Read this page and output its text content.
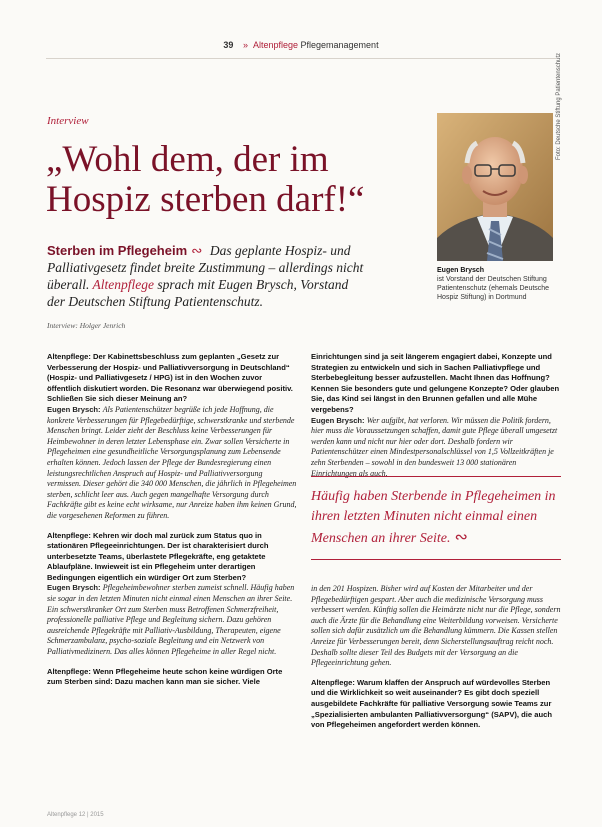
39 » Altenpflege Pflegemanagement
Interview
„Wohl dem, der im Hospiz sterben darf!“
Sterben im Pflegeheim ∾ Das geplante Hospiz- und Palliativgesetz findet breite Zustimmung – allerdings nicht überall. Altenpflege sprach mit Eugen Brysch, Vorstand der Deutschen Stiftung Patientenschutz.
Interview: Holger Jenrich
Foto: Deutsche Stiftung Patientenschutz
Eugen Brysch
ist Vorstand der Deutschen Stiftung Patientenschutz (ehemals Deutsche Hospiz Stiftung) in Dortmund

Altenpflege: Der Kabinettsbeschluss zum geplanten „Gesetz zur Verbesserung der Hospiz- und Palliativversorgung in Deutschland“ (Hospiz- und Palliativgesetz / HPG) ist in den Wochen zuvor öffentlich diskutiert worden. Die Resonanz war überwiegend positiv. Schließen Sie sich dieser Meinung an?

Eugen Brysch: Als Patientenschützer begrüße ich jede Hoffnung, die konkrete Verbesserungen für Pflegebedürftige, schwerstkranke und sterbende Menschen bringt. Leider zieht der Beschluss keine Verbesserungen für Heimbewohner in deren letzter Lebensphase ein. Zwar sollen Versicherte in Pflegeheimen eine gesundheitliche Versorgungsplanung zum Lebensende erhalten können. Jedoch lassen der Pflege der Bundesregierung einen leistungsrechtlichen Anspruch auf Hospiz- und Palliativversorgung vermissen. Dieser gehört die 340 000 Menschen, die jährlich in Pflegeheimen sterben, schlicht leer aus. Auch gegen mangelhafte Versorgung durch Fachkräfte gibt es keine echt wirksame, nur Anreize haben ihm keinen Grund, die vorgesehenen Reformen zu führen.

Altenpflege: Kehren wir doch mal zurück zum Status quo in stationären Pflegeeinrichtungen. Der ist charakterisiert durch unterbesetzte Teams, überlastete Pflegekräfte, eng getaktete Ablaufpläne. Inwieweit ist ein Pflegeheim unter derartigen Bedingungen eigentlich ein würdiger Ort zum Sterben?

Eugen Brysch: Pflegeheimbewohner sterben zumeist schnell. Häufig haben sie sogar in den letzten Minuten nicht einmal einen Menschen an ihrer Seite. Ein schwerstkranker Ort zum Sterben muss Betroffenen Schmerzfreiheit, professionelle palliative Pflege und Begleitung sichern. Dazu gehören ausreichende Pflegekräfte mit Palliativ-Ausbildung, Therapeuten, eigene Schmerzambulanz, psycho-soziale Begleitung und ein Netzwerk von Palliativmedizinern. Das alles können Pflegeheime in aller Regel nicht.

Altenpflege: Wenn Pflegeheime heute schon keine würdigen Orte zum Sterben sind: Dazu machen kann man sie sicher. Viele

Einrichtungen sind ja seit längerem engagiert dabei, Konzepte und Strategien zu entwickeln und sich in Sachen Palliativpflege und Sterbebegleitung besser aufzustellen. Macht Ihnen das Hoffnung? Kennen Sie besonders gute und gelungene Konzepte? Oder glauben Sie, das Kind sei längst in den Brunnen gefallen und alle Mühe vergebens?

Eugen Brysch: Wer aufgibt, hat verloren. Wir müssen die Politik fordern, hier muss die Voraussetzungen schaffen, damit gute Pflege überall umgesetzt werden kann und nicht nur hier oder dort. Deshalb fordern wir Patientenschützer einen Mindestpersonalschlüssel von 1,5 Vollzeitkräften je zehn Sterbenden – sowohl in den bundesweit 13 000 stationären Einrichtungen als auch.

Häufig haben Sterbende in Pflegeheimen in ihren letzten Minuten nicht einmal einen Menschen an ihrer Seite. ∾

in den 201 Hospizen. Bisher wird auf Kosten der Mitarbeiter und der Pflegebedürftigen gespart. Aber auch die medizinische Versorgung muss verbessert werden. Künftig sollen die Heimärzte nicht nur die Pflege, sondern auch die Ärzte für die Behandlung eine Weiterbildung vorweisen. Versicherte sollen sich dafür zusätzlich um die Behandlung kümmern. Die Kassen stellen Anreize für Verbesserungen bereit, denn Sicherstellungsauftrag reicht noch. Deshalb sollte dieser Teil des Budgets mit der Versorgung an die Pflegeeinrichtung gehen.

Altenpflege: Warum klaffen der Anspruch auf würdevolles Sterben und die Wirklichkeit so weit auseinander? Es gibt doch speziell ausgebildete Fachkräfte für palliative Versorgung sowie Teams zur „Spezialisierten ambulanten Palliativversorgung“ (SAPV), die auch von Pflegeheimen angefordert werden können.

Altenpflege 12 | 2015
